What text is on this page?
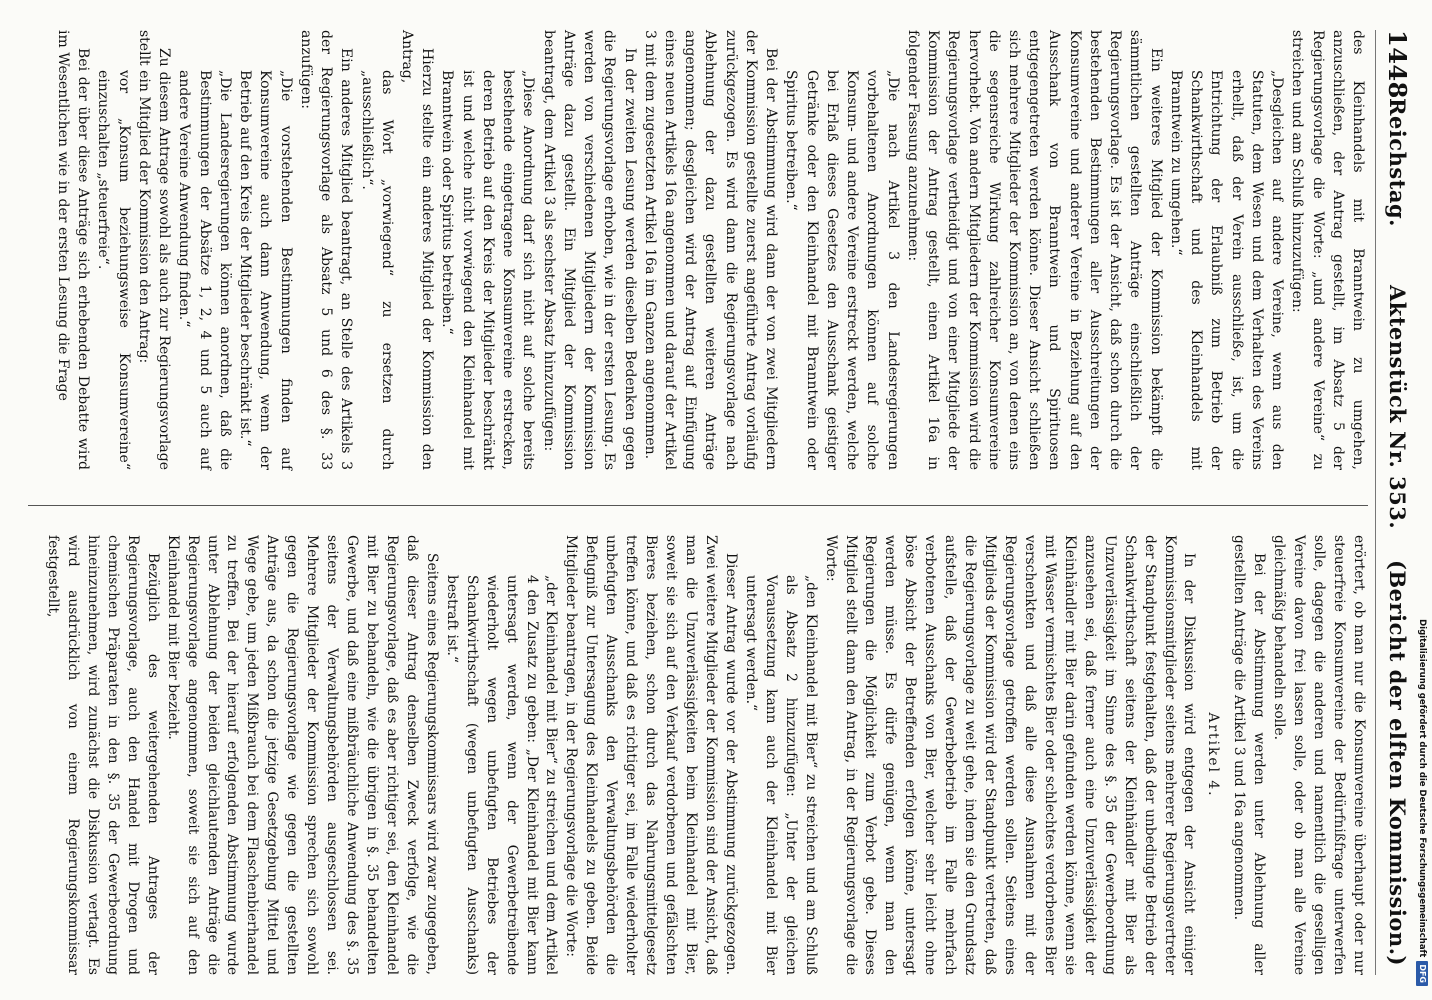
1448
Reichstag.
Aktenstück Nr. 353.
(Bericht der elften Kommission.)

des Kleinhandels mit Branntwein zu umgehen, anzuschließen, der Antrag gestellt, im Absatz 5 der Regierungsvorlage die Worte: „und andere Vereine“ zu streichen und am Schluß hinzuzufügen:

„Desgleichen auf andere Vereine, wenn aus den Statuten, dem Wesen und dem Verhalten des Vereins erhellt, daß der Verein ausschließe, ist, um die Entrichtung der Erlaubniß zum Betrieb der Schankwirthschaft und des Kleinhandels mit Branntwein zu umgehen.“

Ein weiteres Mitglied der Kommission bekämpft die sämmtlichen gestellten Anträge einschließlich der Regierungsvorlage. Es ist der Ansicht, daß schon durch die bestehenden Bestimmungen aller Ausschreitungen der Konsumvereine und anderer Vereine in Beziehung auf den Ausschank von Branntwein und Spirituosen entgegengetreten werden könne. Dieser Ansicht schließen sich mehrere Mitglieder der Kommission an, von denen eins die segensreiche Wirkung zahlreicher Konsumvereine hervorhebt. Von andern Mitgliedern der Kommission wird die Regierungsvorlage vertheidigt und von einer Mitgliede der Kommission der Antrag gestellt, einen Artikel 16a in folgender Fassung anzunehmen:

„Die nach Artikel 3 den Landesregierungen vorbehaltenen Anordnungen können auf solche Konsum- und andere Vereine erstreckt werden, welche bei Erlaß dieses Gesetzes den Ausschank geistiger Getränke oder den Kleinhandel mit Branntwein oder Spiritus betreiben.“

Bei der Abstimmung wird dann der von zwei Mitgliedern der Kommission gestellte zuerst angeführte Antrag vorläufig zurückgezogen. Es wird dann die Regierungsvorlage nach Ablehnung der dazu gestellten weiteren Anträge angenommen; desgleichen wird der Antrag auf Einfügung eines neuen Artikels 16a angenommen und darauf der Artikel 3 mit dem zugesetzten Artikel 16a im Ganzen angenommen.

In der zweiten Lesung werden dieselben Bedenken gegen die Regierungsvorlage erhoben, wie in der ersten Lesung. Es werden von verschiedenen Mitgliedern der Kommission Anträge dazu gestellt. Ein Mitglied der Kommission beantragt, dem Artikel 3 als sechster Absatz hinzuzufügen:

„Diese Anordnung darf sich nicht auf solche bereits bestehende eingetragene Konsumvereine erstrecken, deren Betrieb auf den Kreis der Mitglieder beschränkt ist und welche nicht vorwiegend den Kleinhandel mit Branntwein oder Spiritus betreiben.“

Hierzu stellte ein anderes Mitglied der Kommission den Antrag,

das Wort „vorwiegend“ zu ersetzen durch „ausschließlich“.

Ein anderes Mitglied beantragt, an Stelle des Artikels 3 der Regierungsvorlage als Absatz 5 und 6 des §. 33 anzufügen:

„Die vorstehenden Bestimmungen finden auf Konsumvereine auch dann Anwendung, wenn der Betrieb auf den Kreis der Mitglieder beschränkt ist.“

„Die Landesregierungen können anordnen, daß die Bestimmungen der Absätze 1, 2, 4 und 5 auch auf andere Vereine Anwendung finden.“

Zu diesem Antrage sowohl als auch zur Regierungsvorlage stellt ein Mitglied der Kommission den Antrag:

vor „Konsum beziehungsweise Konsumvereine“ einzuschalten „steuerfreie“.

Bei der über diese Anträge sich erhebenden Debatte wird im Wesentlichen wie in der ersten Lesung die Frage

erörtert, ob man nur die Konsumvereine überhaupt oder nur steuerfreie Konsumvereine der Bedürfnißfrage unterwerfen solle, dagegen die anderen und namentlich die geselligen Vereine davon frei lassen solle, oder ob man alle Vereine gleichmäßig behandeln solle.

Bei der Abstimmung werden unter Ablehnung aller gestellten Anträge die Artikel 3 und 16a angenommen.

Artikel 4.

In der Diskussion wird entgegen der Ansicht einiger Kommissionsmitglieder seitens mehrerer Regierungsvertreter der Standpunkt festgehalten, daß der unbedingte Betrieb der Schankwirthschaft seitens der Kleinhändler mit Bier als Unzuverlässigkeit im Sinne des §. 35 der Gewerbeordnung anzusehen sei, daß ferner auch eine Unzuverlässigkeit der Kleinhändler mit Bier darin gefunden werden könne, wenn sie mit Wasser vermischtes Bier oder schlechtes verdorbenes Bier verschenkten und daß alle diese Ausnahmen mit der Regierungsvorlage getroffen werden sollen. Seitens eines Mitglieds der Kommission wird der Standpunkt vertreten, daß die Regierungsvorlage zu weit gehe, indem sie den Grundsatz aufstelle, daß der Gewerbebetrieb im Falle mehrfach verbotenen Ausschanks von Bier, welcher sehr leicht ohne böse Absicht der Betreffenden erfolgen könne, untersagt werden müsse. Es dürfe genügen, wenn man den Regierungen die Möglichkeit zum Verbot gebe. Dieses Mitglied stellt dann den Antrag, in der Regierungsvorlage die Worte:

„den Kleinhandel mit Bier“ zu streichen und am Schluß als Absatz 2 hinzuzufügen: „Unter der gleichen Voraussetzung kann auch der Kleinhandel mit Bier untersagt werden.“

Dieser Antrag wurde vor der Abstimmung zurückgezogen. Zwei weitere Mitglieder der Kommission sind der Ansicht, daß man die Unzuverlässigkeiten beim Kleinhandel mit Bier, soweit sie sich auf den Verkauf verdorbenen und gefälschten Bieres beziehen, schon durch das Nahrungsmittelgesetz treffen könne, und daß es richtiger sei, im Falle wiederholter unbefugten Ausschanks den Verwaltungsbehörden die Befugniß zur Untersagung des Kleinhandels zu geben. Beide Mitglieder beantragen, in der Regierungsvorlage die Worte:

„der Kleinhandel mit Bier“ zu streichen und dem Artikel 4 den Zusatz zu geben: „Der Kleinhandel mit Bier kann untersagt werden, wenn der Gewerbetreibende wiederholt wegen unbefugten Betriebes der Schankwirthschaft (wegen unbefugten Ausschanks) bestraft ist.“

Seitens eines Regierungskommissars wird zwar zugegeben, daß dieser Antrag denselben Zweck verfolge, wie die Regierungsvorlage, daß es aber richtiger sei, den Kleinhandel mit Bier zu behandeln, wie die übrigen in §. 35 behandelten Gewerbe, und daß eine mißbräuchliche Anwendung des §. 35 seitens der Verwaltungsbehörden ausgeschlossen sei. Mehrere Mitglieder der Kommission sprechen sich sowohl gegen die Regierungsvorlage wie gegen die gestellten Anträge aus, da schon die jetzige Gesetzgebung Mittel und Wege gebe, um jeden Mißbrauch bei dem Flaschenbierhandel zu treffen. Bei der hierauf erfolgenden Abstimmung wurde unter Ablehnung der beiden gleichlautenden Anträge die Regierungsvorlage angenommen, soweit sie sich auf den Kleinhandel mit Bier bezieht.

Bezüglich des weitergehenden Antrages der Regierungsvorlage, auch den Handel mit Drogen und chemischen Präparaten in den §. 35 der Gewerbeordnung hineinzunehmen, wird zunächst die Diskussion vertagt. Es wird ausdrücklich von einem Regierungskommissar festgestellt,

Digitalisierung gefördert durch die Deutsche Forschungsgemeinschaft
DFG
